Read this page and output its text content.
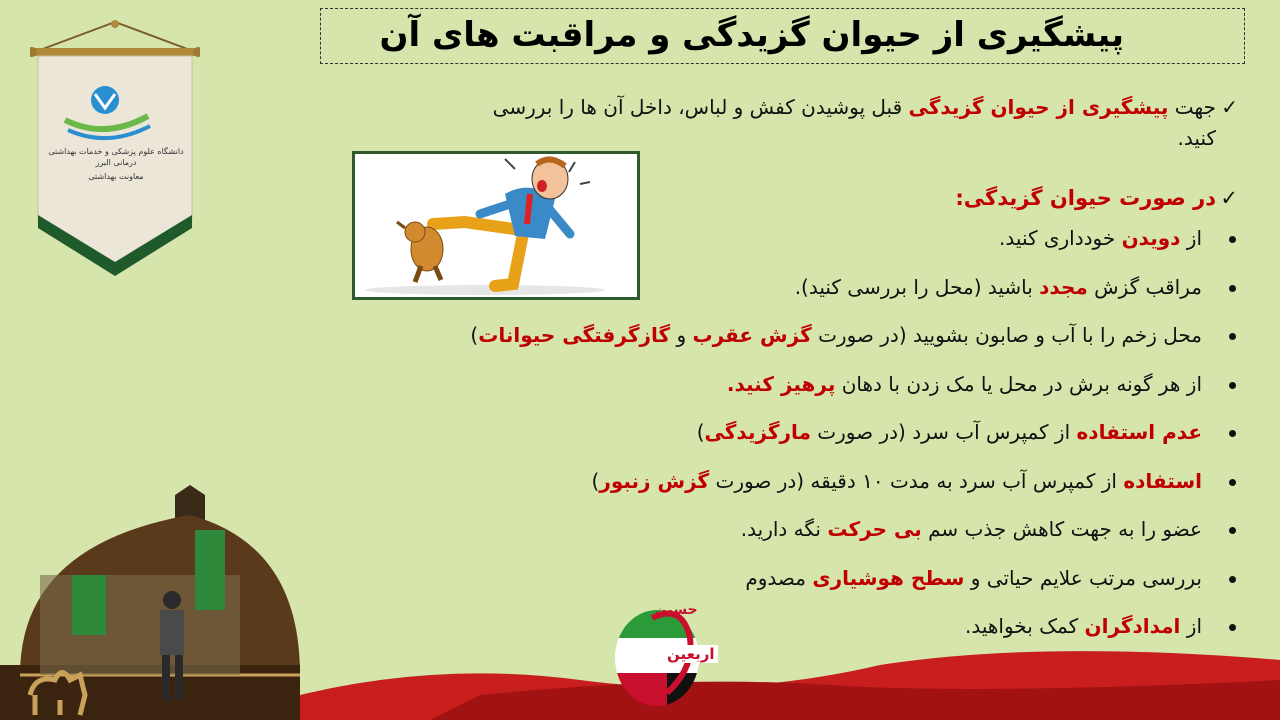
پیشگیری از حیوان گزیدگی و مراقبت های آن
دانشگاه علوم پزشکی و خدمات بهداشتی درمانی البرز
معاونت بهداشتی
✓جهت پیشگیری از حیوان گزیدگی قبل پوشیدن کفش و لباس، داخل آن ها را بررسی
کنید.
✓در صورت حیوان گزیدگی:
از دویدن خودداری کنید.
مراقب گزش مجدد باشید (محل را بررسی کنید).
محل زخم را با آب و صابون بشویید (در صورت گزش عقرب و گازگرفتگی حیوانات)
از هر گونه برش در محل یا مک زدن با دهان پرهیز کنید.
عدم استفاده از کمپرس آب سرد (در صورت مارگزیدگی)
استفاده از کمپرس آب سرد به مدت ۱۰ دقیقه (در صورت گزش زنبور)
عضو را به جهت کاهش جذب سم بی حرکت نگه دارید.
بررسی مرتب علایم حیاتی و سطح هوشیاری مصدوم
از امدادگران کمک بخواهید.
حسین
اربعین
